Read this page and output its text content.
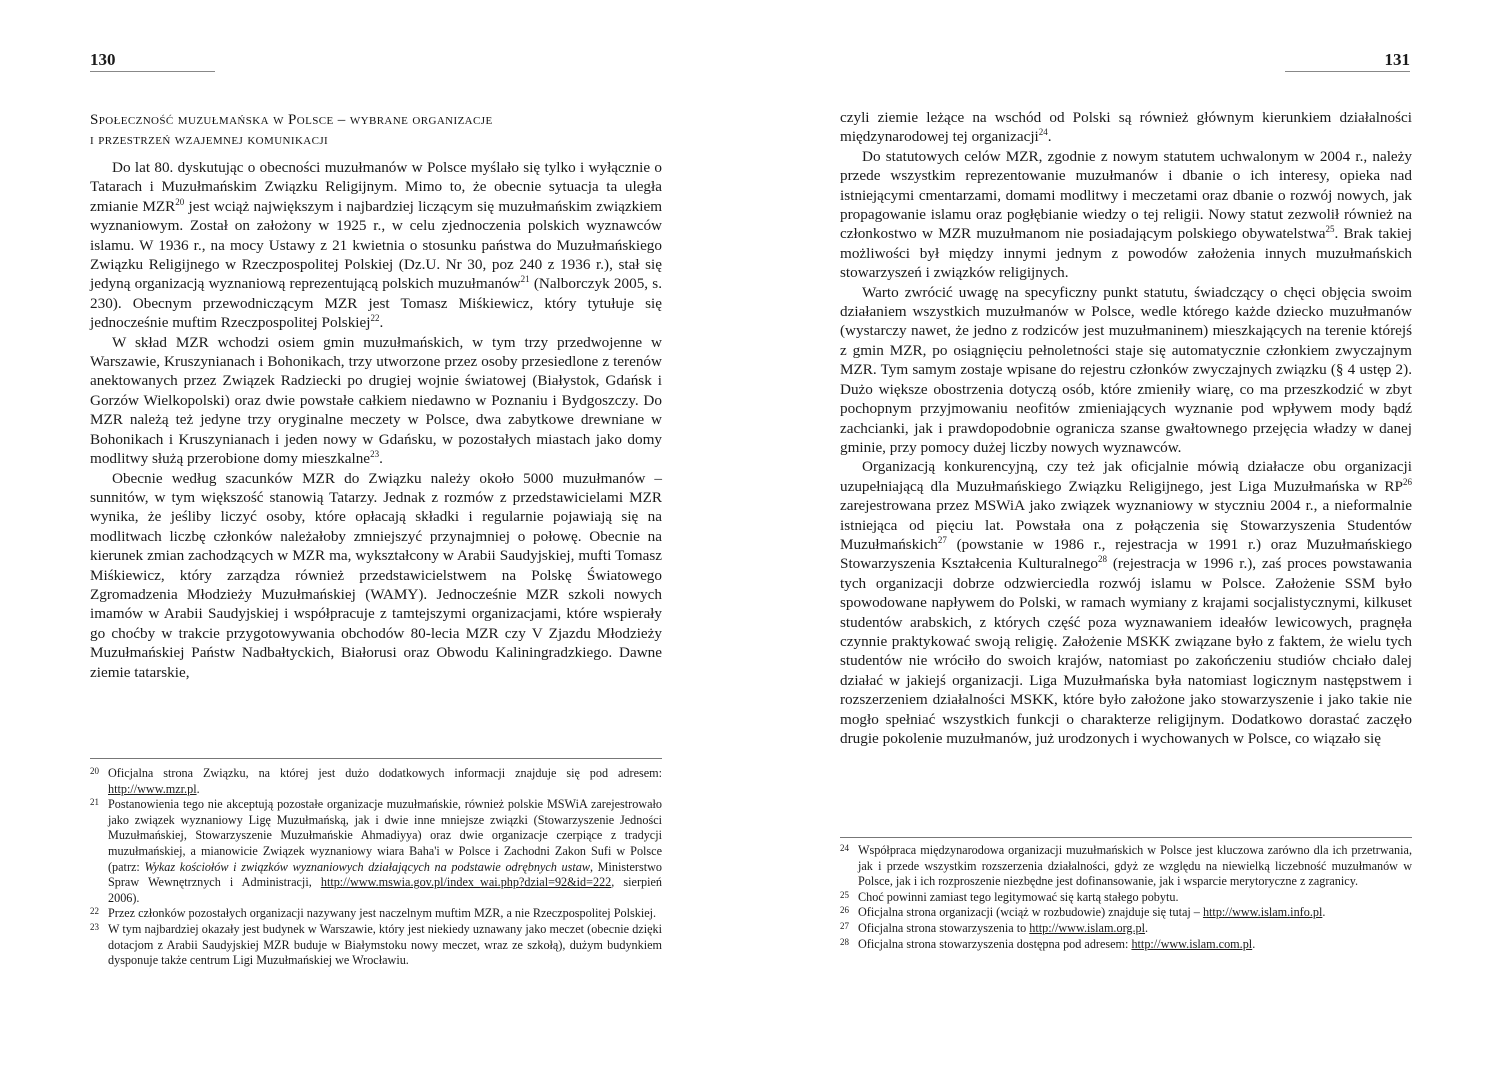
130
Społeczność muzułmańska w Polsce – wybrane organizacje
i przestrzeń wzajemnej komunikacji

Do lat 80. dyskutując o obecności muzułmanów w Polsce myślało się tylko i wyłącznie o Tatarach i Muzułmańskim Związku Religijnym. Mimo to, że obecnie sytuacja ta uległa zmianie MZR$^{20}$ jest wciąż największym i najbardziej liczącym się muzułmańskim związkiem wyznaniowym. Został on założony w 1925 r., w celu zjednoczenia polskich wyznawców islamu. W 1936 r., na mocy Ustawy z 21 kwietnia o stosunku państwa do Muzułmańskiego Związku Religijnego w Rzeczpospolitej Polskiej (Dz.U. Nr 30, poz 240 z 1936 r.), stał się jedyną organizacją wyznaniową reprezentującą polskich muzułmanów$^{21}$ (Nalborczyk 2005, s. 230). Obecnym przewodniczącym MZR jest Tomasz Miśkiewicz, który tytułuje się jednocześnie muftim Rzeczpospolitej Polskiej$^{22}$.

W skład MZR wchodzi osiem gmin muzułmańskich, w tym trzy przedwojenne w Warszawie, Kruszynianach i Bohonikach, trzy utworzone przez osoby przesiedlone z terenów anektowanych przez Związek Radziecki po drugiej wojnie światowej (Białystok, Gdańsk i Gorzów Wielkopolski) oraz dwie powstałe całkiem niedawno w Poznaniu i Bydgoszczy. Do MZR należą też jedyne trzy oryginalne meczety w Polsce, dwa zabytkowe drewniane w Bohonikach i Kruszynianach i jeden nowy w Gdańsku, w pozostałych miastach jako domy modlitwy służą przerobione domy mieszkalne$^{23}$.

Obecnie według szacunków MZR do Związku należy około 5000 muzułmanów – sunnitów, w tym większość stanowią Tatarzy. Jednak z rozmów z przedstawicielami MZR wynika, że jeśliby liczyć osoby, które opłacają składki i regularnie pojawiają się na modlitwach liczbę członków należałoby zmniejszyć przynajmniej o połowę. Obecnie na kierunek zmian zachodzących w MZR ma, wykształcony w Arabii Saudyjskiej, mufti Tomasz Miśkiewicz, który zarządza również przedstawicielstwem na Polskę Światowego Zgromadzenia Młodzieży Muzułmańskiej (WAMY). Jednocześnie MZR szkoli nowych imamów w Arabii Saudyjskiej i współpracuje z tamtejszymi organizacjami, które wspierały go choćby w trakcie przygotowywania obchodów 80-lecia MZR czy V Zjazdu Młodzieży Muzułmańskiej Państw Nadbałtyckich, Białorusi oraz Obwodu Kaliningradzkiego. Dawne ziemie tatarskie,

20 Oficjalna strona Związku, na której jest dużo dodatkowych informacji znajduje się pod adresem: http://www.mzr.pl.
21 Postanowienia tego nie akceptują pozostałe organizacje muzułmańskie, również polskie MSWiA zarejestrowało jako związek wyznaniowy Ligę Muzułmańską, jak i dwie inne mniejsze związki (Stowarzyszenie Jedności Muzułmańskiej, Stowarzyszenie Muzułmańskie Ahmadiyya) oraz dwie organizacje czerpiące z tradycji muzułmańskiej, a mianowicie Związek wyznaniowy wiara Baha'i w Polsce i Zachodni Zakon Sufi w Polsce (patrz: Wykaz kościołów i związków wyznaniowych działających na podstawie odrębnych ustaw, Ministerstwo Spraw Wewnętrznych i Administracji, http://www.mswia.gov.pl/index_wai.php?dzial=92&id=222, sierpień 2006).
22 Przez członków pozostałych organizacji nazywany jest naczelnym muftim MZR, a nie Rzeczpospolitej Polskiej.
23 W tym najbardziej okazały jest budynek w Warszawie, który jest niekiedy uznawany jako meczet (obecnie dzięki dotacjom z Arabii Saudyjskiej MZR buduje w Białymstoku nowy meczet, wraz ze szkołą), dużym budynkiem dysponuje także centrum Ligi Muzułmańskiej we Wrocławiu.
131

czyli ziemie leżące na wschód od Polski są również głównym kierunkiem działalności międzynarodowej tej organizacji$^{24}$.

Do statutowych celów MZR, zgodnie z nowym statutem uchwalonym w 2004 r., należy przede wszystkim reprezentowanie muzułmanów i dbanie o ich interesy, opieka nad istniejącymi cmentarzami, domami modlitwy i meczetami oraz dbanie o rozwój nowych, jak propagowanie islamu oraz pogłębianie wiedzy o tej religii. Nowy statut zezwolił również na członkostwo w MZR muzułmanom nie posiadającym polskiego obywatelstwa$^{25}$. Brak takiej możliwości był między innymi jednym z powodów założenia innych muzułmańskich stowarzyszeń i związków religijnych.

Warto zwrócić uwagę na specyficzny punkt statutu, świadczący o chęci objęcia swoim działaniem wszystkich muzułmanów w Polsce, wedle którego każde dziecko muzułmanów (wystarczy nawet, że jedno z rodziców jest muzułmaninem) mieszkających na terenie którejś z gmin MZR, po osiągnięciu pełnoletności staje się automatycznie członkiem zwyczajnym MZR. Tym samym zostaje wpisane do rejestru członków zwyczajnych związku (§ 4 ustęp 2). Dużo większe obostrzenia dotyczą osób, które zmieniły wiarę, co ma przeszkodzić w zbyt pochopnym przyjmowaniu neofitów zmieniających wyznanie pod wpływem mody bądź zachcianki, jak i prawdopodobnie ogranicza szanse gwałtownego przejęcia władzy w danej gminie, przy pomocy dużej liczby nowych wyznawców.

Organizacją konkurencyjną, czy też jak oficjalnie mówią działacze obu organizacji uzupełniającą dla Muzułmańskiego Związku Religijnego, jest Liga Muzułmańska w RP$^{26}$ zarejestrowana przez MSWiA jako związek wyznaniowy w styczniu 2004 r., a nieformalnie istniejąca od pięciu lat. Powstała ona z połączenia się Stowarzyszenia Studentów Muzułmańskich$^{27}$ (powstanie w 1986 r., rejestracja w 1991 r.) oraz Muzułmańskiego Stowarzyszenia Kształcenia Kulturalnego$^{28}$ (rejestracja w 1996 r.), zaś proces powstawania tych organizacji dobrze odzwierciedla rozwój islamu w Polsce. Założenie SSM było spowodowane napływem do Polski, w ramach wymiany z krajami socjalistycznymi, kilkuset studentów arabskich, z których część poza wyznawaniem ideałów lewicowych, pragnęła czynnie praktykować swoją religię. Założenie MSKK związane było z faktem, że wielu tych studentów nie wróciło do swoich krajów, natomiast po zakończeniu studiów chciało dalej działać w jakiejś organizacji. Liga Muzułmańska była natomiast logicznym następstwem i rozszerzeniem działalności MSKK, które było założone jako stowarzyszenie i jako takie nie mogło spełniać wszystkich funkcji o charakterze religijnym. Dodatkowo dorastać zaczęło drugie pokolenie muzułmanów, już urodzonych i wychowanych w Polsce, co wiązało się

24 Współpraca międzynarodowa organizacji muzułmańskich w Polsce jest kluczowa zarówno dla ich przetrwania, jak i przede wszystkim rozszerzenia działalności, gdyż ze względu na niewielką liczebność muzułmanów w Polsce, jak i ich rozproszenie niezbędne jest dofinansowanie, jak i wsparcie merytoryczne z zagranicy.
25 Choć powinni zamiast tego legitymować się kartą stałego pobytu.
26 Oficjalna strona organizacji (wciąż w rozbudowie) znajduje się tutaj – http://www.islam.info.pl.
27 Oficjalna strona stowarzyszenia to http://www.islam.org.pl.
28 Oficjalna strona stowarzyszenia dostępna pod adresem: http://www.islam.com.pl.
